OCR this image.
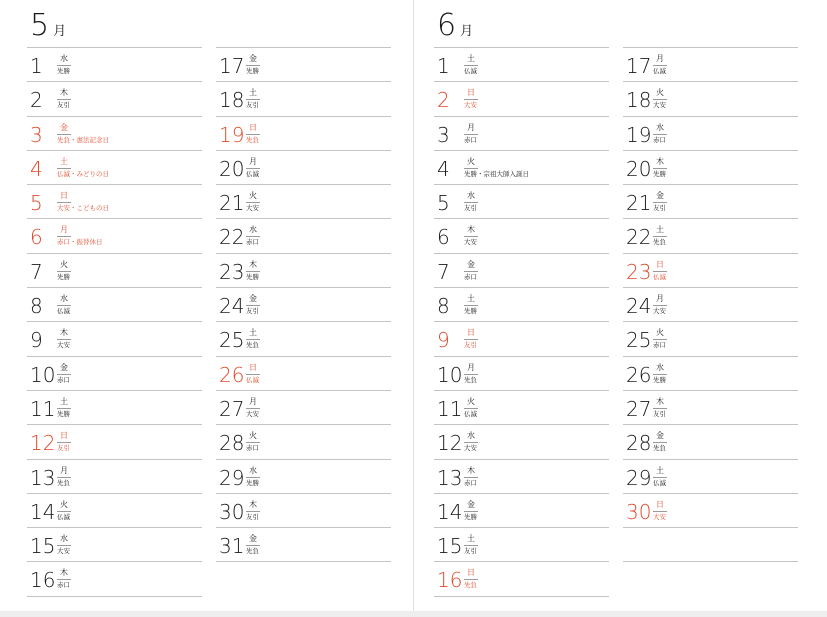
5 月
1	水
先勝
2	木
友引
3	金
先負・憲法記念日
4	土
仏滅・みどりの日
5	日
大安・こどもの日
6	月
赤口・振替休日
7	火
先勝
8	水
仏滅
9	木
大安
10 金
赤口
11 土
先勝
12 日
友引
13 月
先負
14 火
仏滅
15 水
大安
16 木
赤口
17 金
先勝
18 土
友引
19 日
先負
20 月
仏滅
21 火
大安
22 水
赤口
23 木
先勝
24 金
友引
25 土
先負
26 日
仏滅
27 月
大安
28 火
赤口
29 水
先勝
30 木
友引
31 金
先負
6 月
1	土
仏滅
2	日
大安
3	月
赤口
4	火
先勝・宗祖大師入誕日
5	水
友引
6	木
大安
7	金
赤口
8	土
先勝
9	日
友引
10 月
先負
11 火
仏滅
12 水
大安
13 木
赤口
14 金
先勝
15 土
友引
16 日
先負
17 月
仏滅
18 火
大安
19 水
赤口
20 木
先勝
21 金
友引
22 土
先負
23 日
仏滅
24 月
大安
25 火
赤口
26 水
先勝
27 木
友引
28 金
先負
29 土
仏滅
30 日
大安
